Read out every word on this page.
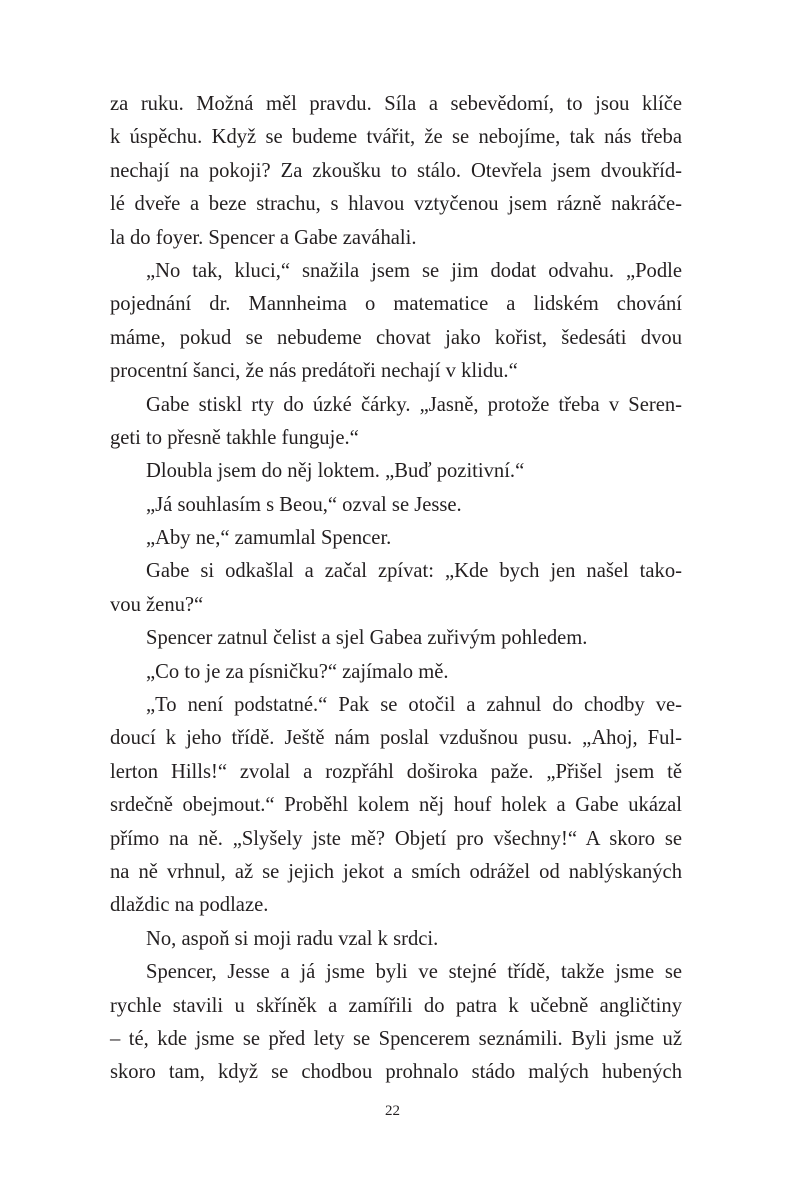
za ruku. Možná měl pravdu. Síla a sebevědomí, to jsou klíče
k úspěchu. Když se budeme tvářit, že se nebojíme, tak nás třeba
nechají na pokoji? Za zkoušku to stálo. Otevřela jsem dvoukříd-
lé dveře a beze strachu, s hlavou vztyčenou jsem rázně nakráče-
la do foyer. Spencer a Gabe zaváhali.
„No tak, kluci,“ snažila jsem se jim dodat odvahu. „Podle
pojednání dr. Mannheima o matematice a lidském chování
máme, pokud se nebudeme chovat jako kořist, šedesáti dvou
procentní šanci, že nás predátoři nechají v klidu.“
Gabe stiskl rty do úzké čárky. „Jasně, protože třeba v Seren-
geti to přesně takhle funguje.“
Dloubla jsem do něj loktem. „Buď pozitivní.“
„Já souhlasím s Beou,“ ozval se Jesse.
„Aby ne,“ zamumlal Spencer.
Gabe si odkašlal a začal zpívat: „Kde bych jen našel tako-
vou ženu?“
Spencer zatnul čelist a sjel Gabea zuřivým pohledem.
„Co to je za písničku?“ zajímalo mě.
„To není podstatné.“ Pak se otočil a zahnul do chodby ve-
doucí k jeho třídě. Ještě nám poslal vzdušnou pusu. „Ahoj, Ful-
lerton Hills!“ zvolal a rozpřáhl doširoka paže. „Přišel jsem tě
srdečně obejmout.“ Proběhl kolem něj houf holek a Gabe ukázal
přímo na ně. „Slyšely jste mě? Objetí pro všechny!“ A skoro se
na ně vrhnul, až se jejich jekot a smích odrážel od nablýskaných
dlaždic na podlaze.
No, aspoň si moji radu vzal k srdci.
Spencer, Jesse a já jsme byli ve stejné třídě, takže jsme se
rychle stavili u skříněk a zamířili do patra k učebně angličtiny
– té, kde jsme se před lety se Spencerem seznámili. Byli jsme už
skoro tam, když se chodbou prohnalo stádo malých hubených
22
